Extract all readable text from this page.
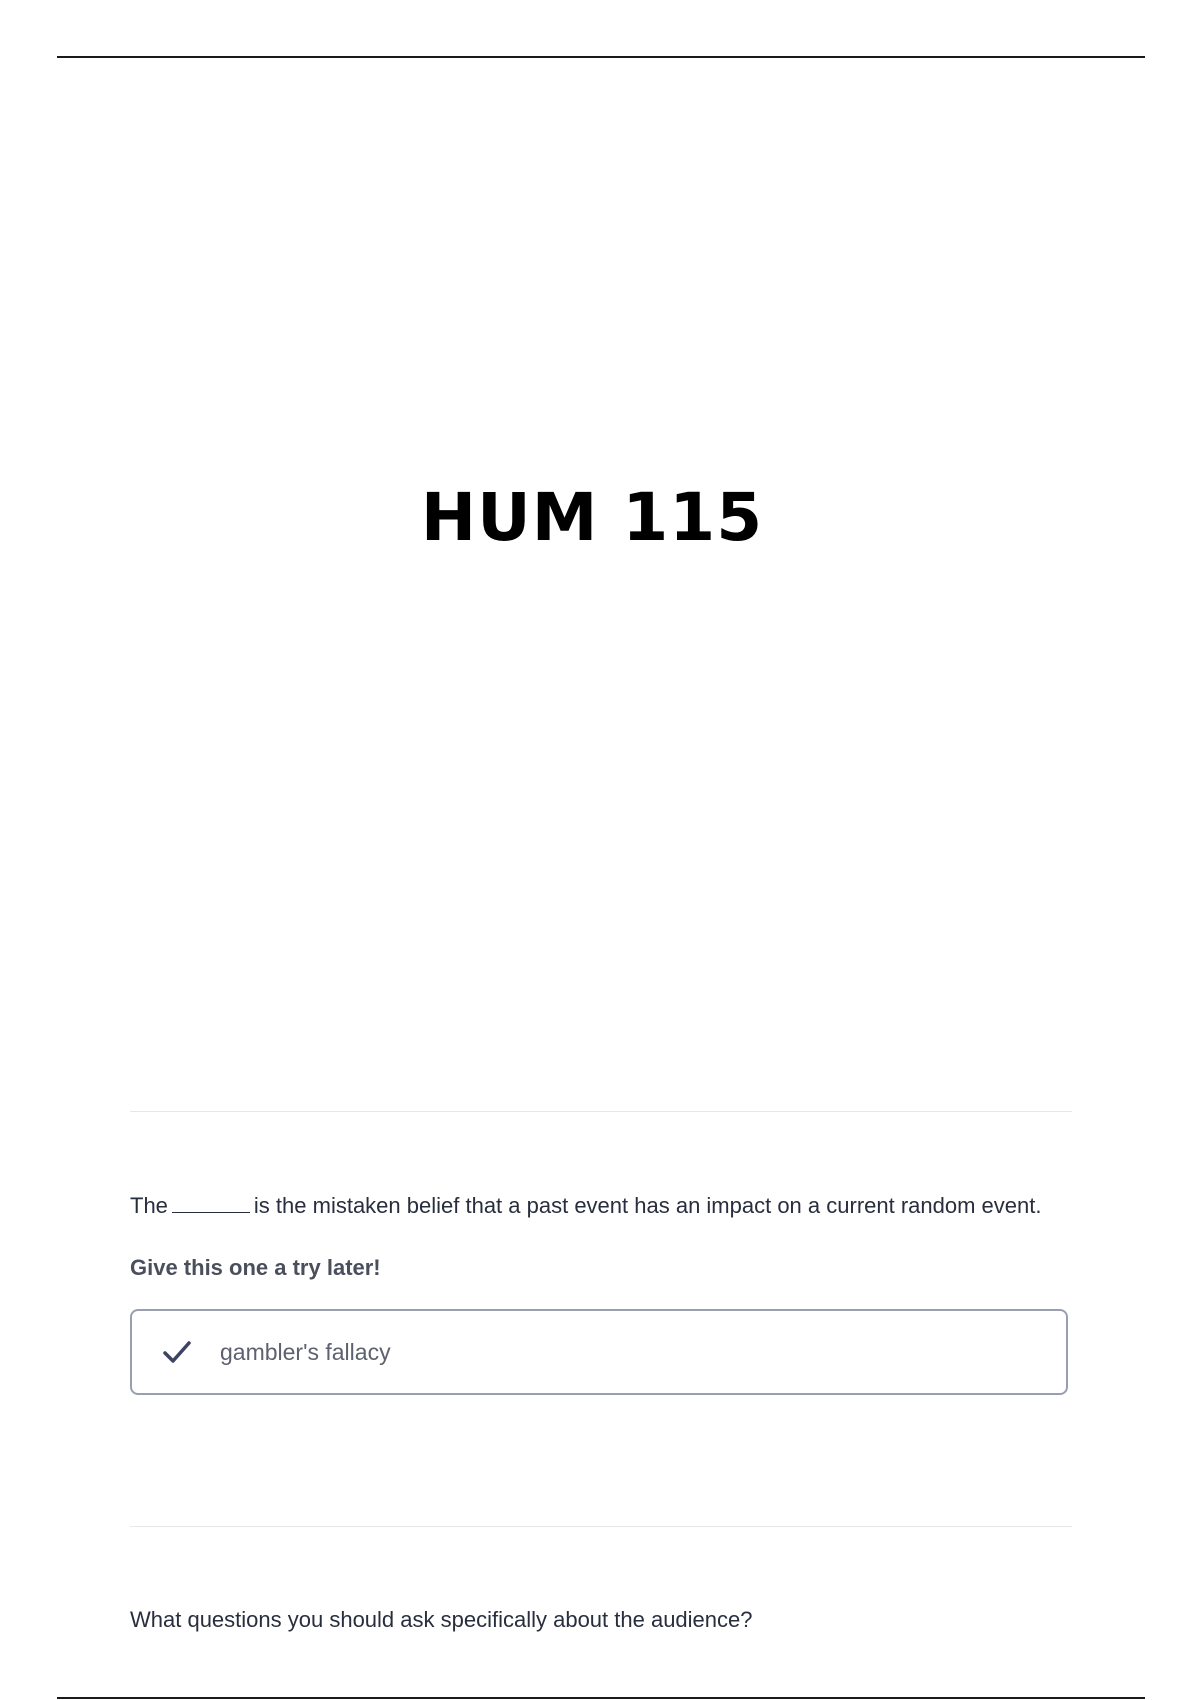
HUM 115

The	is the mistaken belief that a past event has an impact on a current random event.

Give this one a try later!

gambler's fallacy

What questions you should ask specifically about the audience?
